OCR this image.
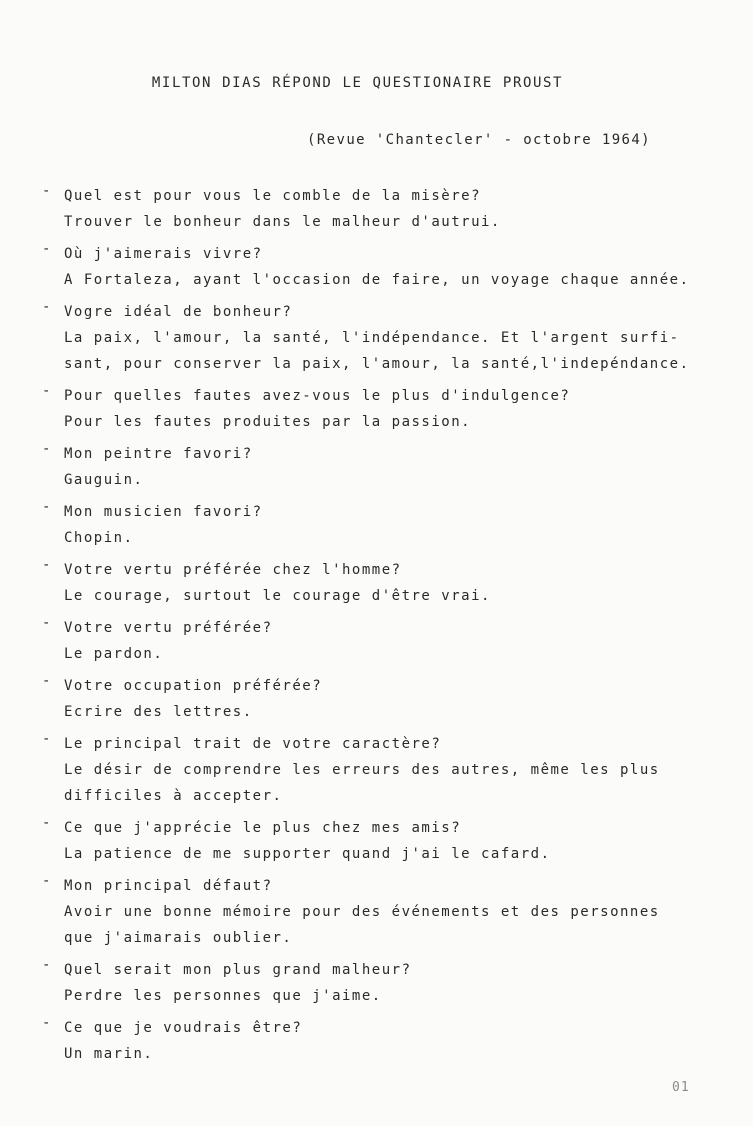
MILTON DIAS RÉPOND LE QUESTIONAIRE PROUST
(Revue 'Chantecler' - octobre 1964)
- Quel est pour vous le comble de la misère?
Trouver le bonheur dans le malheur d'autrui.
- Où j'aimerais vivre?
A Fortaleza, ayant l'occasion de faire, un voyage chaque année.
- Vogre idéal de bonheur?
La paix, l'amour, la santé, l'indépendance. Et l'argent surfi-
sant, pour conserver la paix, l'amour, la santé,l'indepéndance.
- Pour quelles fautes avez-vous le plus d'indulgence?
Pour les fautes produites par la passion.
- Mon peintre favori?
Gauguin.
- Mon musicien favori?
Chopin.
- Votre vertu préférée chez l'homme?
Le courage, surtout le courage d'être vrai.
- Votre vertu préférée?
Le pardon.
- Votre occupation préférée?
Ecrire des lettres.
- Le principal trait de votre caractère?
Le désir de comprendre les erreurs des autres, même les plus
difficiles à accepter.
- Ce que j'apprécie le plus chez mes amis?
La patience de me supporter quand j'ai le cafard.
- Mon principal défaut?
Avoir une bonne mémoire pour des événements et des personnes
que j'aimarais oublier.
- Quel serait mon plus grand malheur?
Perdre les personnes que j'aime.
- Ce que je voudrais être?
Un marin.
01
